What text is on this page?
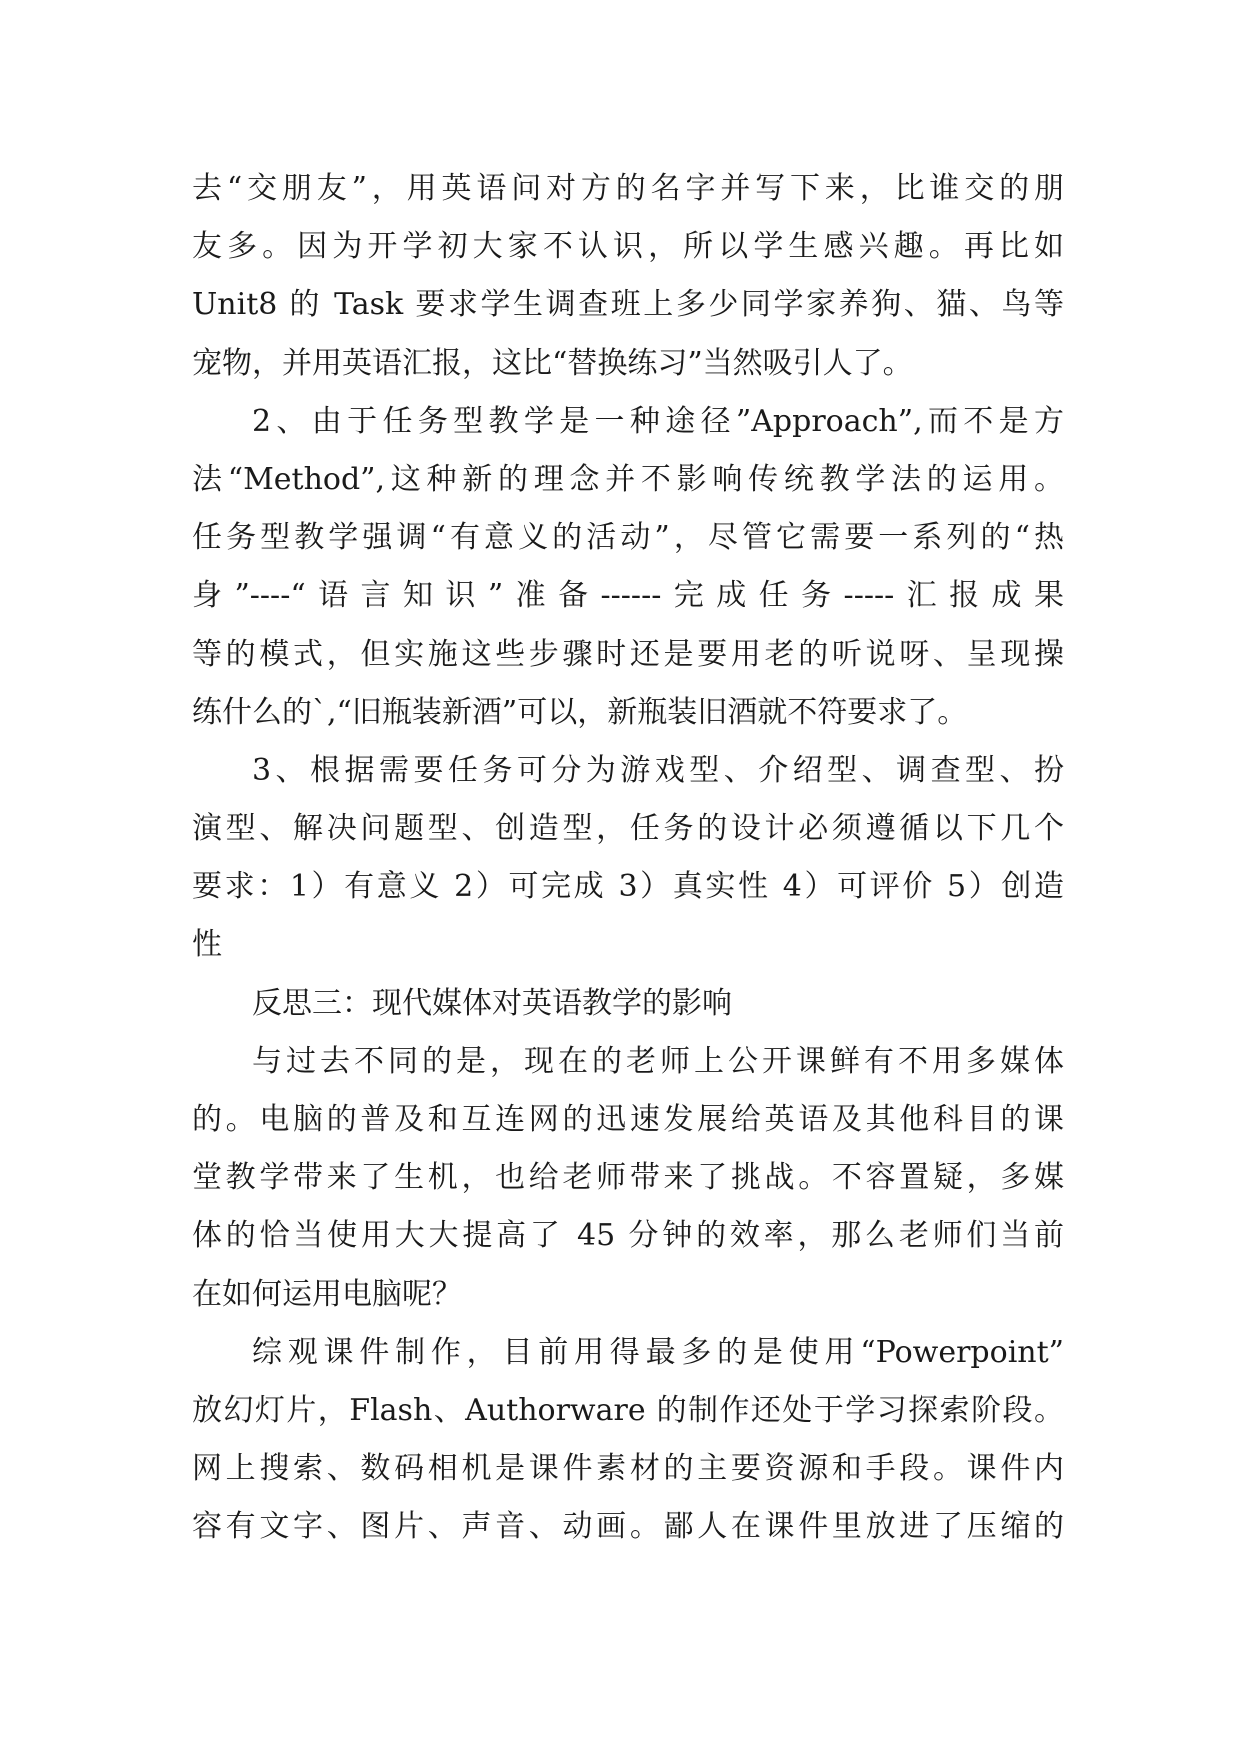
去“交朋友”，用英语问对方的名字并写下来，比谁交的朋
友多。因为开学初大家不认识，所以学生感兴趣。再比如
Unit8 的 Task 要求学生调查班上多少同学家养狗、猫、鸟等
宠物，并用英语汇报，这比“替换练习”当然吸引人了。
2、由于任务型教学是一种途径”Approach”,而不是方
法“Method”,这种新的理念并不影响传统教学法的运用。
任务型教学强调“有意义的活动”，尽管它需要一系列的“热
身”----“语言知识”准备------完成任务-----汇报成果
等的模式，但实施这些步骤时还是要用老的听说呀、呈现操
练什么的`,“旧瓶装新酒”可以，新瓶装旧酒就不符要求了。
3、根据需要任务可分为游戏型、介绍型、调查型、扮
演型、解决问题型、创造型，任务的设计必须遵循以下几个
要求：1）有意义 2）可完成 3）真实性 4）可评价 5）创造
性
反思三：现代媒体对英语教学的影响
与过去不同的是，现在的老师上公开课鲜有不用多媒体
的。电脑的普及和互连网的迅速发展给英语及其他科目的课
堂教学带来了生机，也给老师带来了挑战。不容置疑，多媒
体的恰当使用大大提高了 45 分钟的效率，那么老师们当前
在如何运用电脑呢？
综观课件制作，目前用得最多的是使用“Powerpoint”
放幻灯片，Flash、Authorware 的制作还处于学习探索阶段。
网上搜索、数码相机是课件素材的主要资源和手段。课件内
容有文字、图片、声音、动画。鄙人在课件里放进了压缩的
